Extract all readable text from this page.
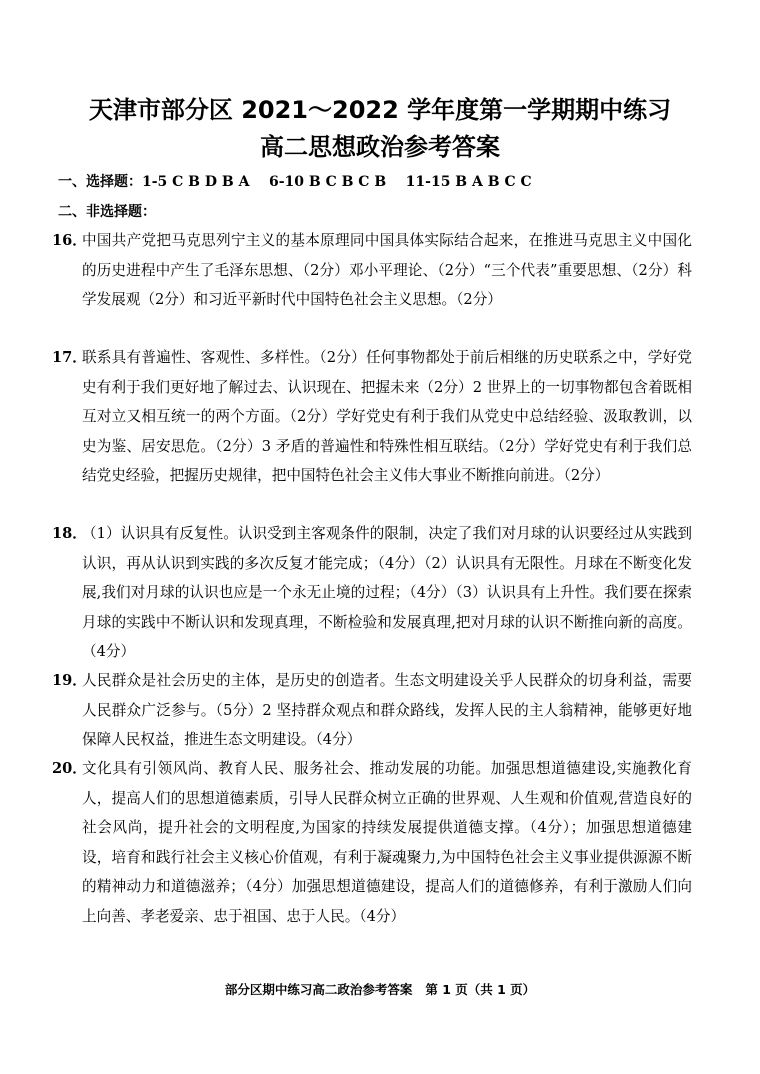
天津市部分区 2021～2022 学年度第一学期期中练习
高二思想政治参考答案
一、选择题：1-5 C B D B A    6-10 B C B C B    11-15 B A B C C
二、非选择题：
16．
中国共产党把马克思列宁主义的基本原理同中国具体实际结合起来，在推进马克思主义中国化的历史进程中产生了毛泽东思想、（2分）邓小平理论、（2分）“三个代表”重要思想、（2分）科学发展观（2分）和习近平新时代中国特色社会主义思想。（2分）
17．
联系具有普遍性、客观性、多样性。（2分）任何事物都处于前后相继的历史联系之中，学好党史有利于我们更好地了解过去、认识现在、把握未来（2分）2 世界上的一切事物都包含着既相互对立又相互统一的两个方面。（2分）学好党史有利于我们从党史中总结经验、汲取教训，以史为鉴、居安思危。（2分）3 矛盾的普遍性和特殊性相互联结。（2分）学好党史有利于我们总结党史经验，把握历史规律，把中国特色社会主义伟大事业不断推向前进。（2分）
18．
（1）认识具有反复性。认识受到主客观条件的限制，决定了我们对月球的认识要经过从实践到认识，再从认识到实践的多次反复才能完成；（4分）（2）认识具有无限性。月球在不断变化发展,我们对月球的认识也应是一个永无止境的过程；（4分）（3）认识具有上升性。我们要在探索月球的实践中不断认识和发现真理，不断检验和发展真理,把对月球的认识不断推向新的高度。（4分）
19．
人民群众是社会历史的主体，是历史的创造者。生态文明建设关乎人民群众的切身利益，需要人民群众广泛参与。（5分）2 坚持群众观点和群众路线，发挥人民的主人翁精神，能够更好地保障人民权益，推进生态文明建设。（4分）
20．
文化具有引领风尚、教育人民、服务社会、推动发展的功能。加强思想道德建设,实施教化育人，提高人们的思想道德素质，引导人民群众树立正确的世界观、人生观和价值观,营造良好的社会风尚，提升社会的文明程度,为国家的持续发展提供道德支撑。（4分）；加强思想道德建设，培育和践行社会主义核心价值观，有利于凝魂聚力,为中国特色社会主义事业提供源源不断的精神动力和道德滋养；（4分）加强思想道德建设，提高人们的道德修养，有利于激励人们向上向善、孝老爱亲、忠于祖国、忠于人民。（4分）
部分区期中练习高二政治参考答案   第 1 页（共 1 页）
